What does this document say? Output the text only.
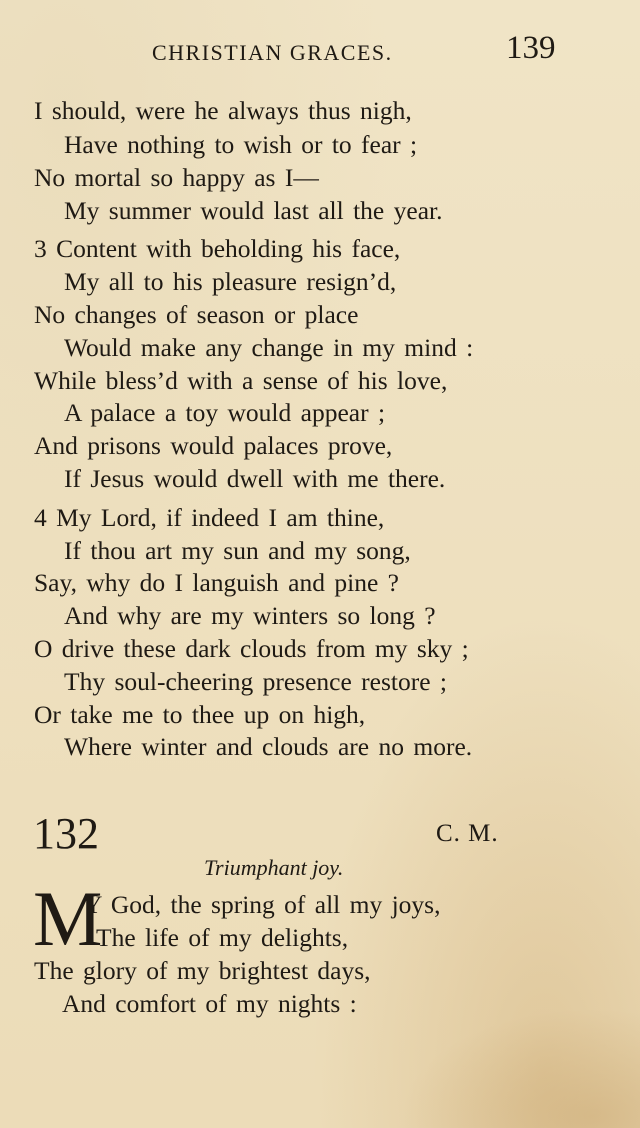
CHRISTIAN GRACES.	139
I should, were he always thus nigh,
Have nothing to wish or to fear ;
No mortal so happy as I—
My summer would last all the year.
3 Content with beholding his face,
My all to his pleasure resign’d,
No changes of season or place
Would make any change in my mind :
While bless’d with a sense of his love,
A palace a toy would appear ;
And prisons would palaces prove,
If Jesus would dwell with me there.
4 My Lord, if indeed I am thine,
If thou art my sun and my song,
Say, why do I languish and pine ?
And why are my winters so long ?
O drive these dark clouds from my sky ;
Thy soul-cheering presence restore ;
Or take me to thee up on high,
Where winter and clouds are no more.
132	C. M.
Triumphant joy.
M
Y God, the spring of all my joys,
The life of my delights,
The glory of my brightest days,
And comfort of my nights :
